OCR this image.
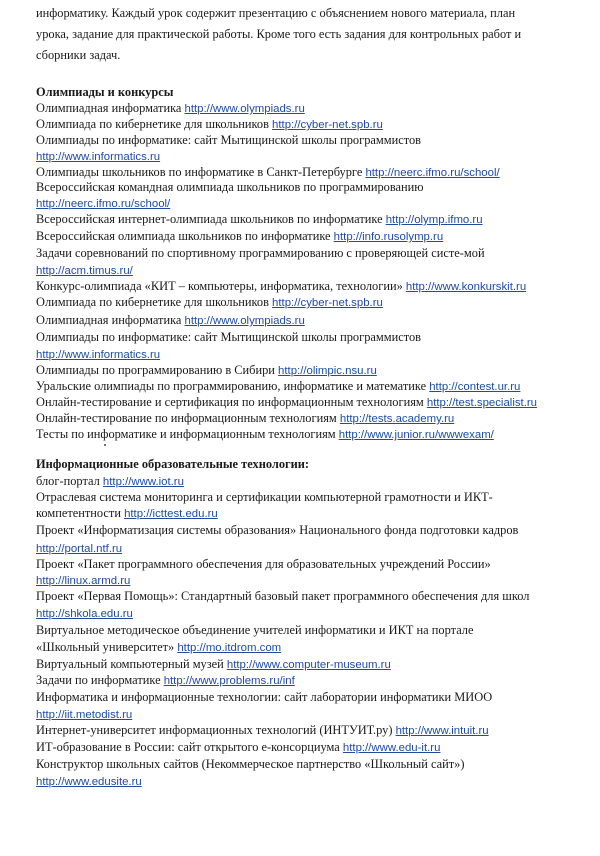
информатику. Каждый урок содержит презентацию с объяснением нового материала, план
урока, задание для практической работы. Кроме того есть задания для контрольных работ и
сборники задач.
Олимпиады и конкурсы
Олимпиадная информатика http://www.olympiads.ru
Олимпиада по кибернетике для школьников http://cyber-net.spb.ru
Олимпиады по информатике: сайт Мытищинской школы программистов
http://www.informatics.ru
Олимпиады школьников по информатике в Санкт-Петербурге http://neerc.ifmo.ru/school/
Всероссийская командная олимпиада школьников по программированию
http://neerc.ifmo.ru/school/
Всероссийская интернет-олимпиада школьников по информатике http://olymp.ifmo.ru
Всероссийская олимпиада школьников по информатике http://info.rusolymp.ru
Задачи соревнований по спортивному программированию с проверяющей систе-мой
http://acm.timus.ru/
Конкурс-олимпиада «КИТ – компьютеры, информатика, технологии» http://www.konkurskit.ru
Олимпиада по кибернетике для школьников http://cyber-net.spb.ru
Олимпиадная информатика http://www.olympiads.ru
Олимпиады по информатике: сайт Мытищинской школы программистов
http://www.informatics.ru
Олимпиады по программированию в Сибири http://olimpic.nsu.ru
Уральские олимпиады по программированию, информатике и математике http://contest.ur.ru
Онлайн-тестирование и сертификация по информационным технологиям http://test.specialist.ru
Онлайн-тестирование по информационным технологиям http://tests.academy.ru
Тесты по информатике и информационным технологиям http://www.junior.ru/wwwexam/
Информационные образовательные технологии:
блог-портал http://www.iot.ru
Отраслевая система мониторинга и сертификации компьютерной грамотности и ИКТ-
компетентности http://icttest.edu.ru
Проект «Информатизация системы образования» Национального фонда подготовки кадров
http://portal.ntf.ru
Проект «Пакет программного обеспечения для образовательных учреждений России»
http://linux.armd.ru
Проект «Первая Помощь»: Стандартный базовый пакет программного обеспечения для школ
http://shkola.edu.ru
Виртуальное методическое объединение учителей информатики и ИКТ на портале
«Школьный университет» http://mo.itdrom.com
Виртуальный компьютерный музей http://www.computer-museum.ru
Задачи по информатике http://www.problems.ru/inf
Информатика и информационные технологии: сайт лаборатории информатики МИОО
http://iit.metodist.ru
Интернет-университет информационных технологий (ИНТУИТ.ру) http://www.intuit.ru
ИТ-образование в России: сайт открытого е-консорциума http://www.edu-it.ru
Конструктор школьных сайтов (Некоммерческое партнерство «Школьный сайт»)
http://www.edusite.ru
